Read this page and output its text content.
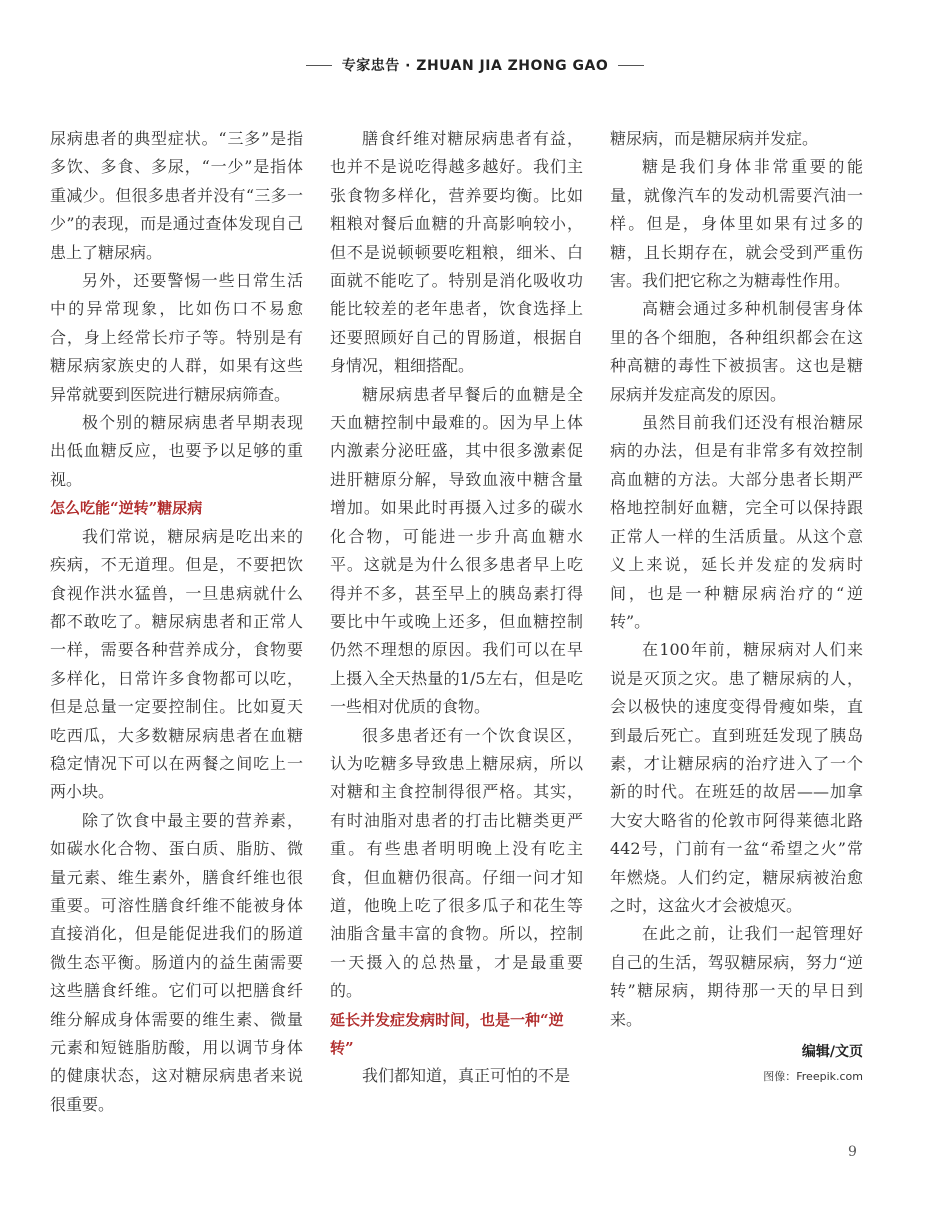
专家忠告 · ZHUAN JIA ZHONG GAO

尿病患者的典型症状。“三多”是指多饮、多食、多尿，“一少”是指体重减少。但很多患者并没有“三多一少”的表现，而是通过查体发现自己患上了糖尿病。

另外，还要警惕一些日常生活中的异常现象，比如伤口不易愈合，身上经常长疖子等。特别是有糖尿病家族史的人群，如果有这些异常就要到医院进行糖尿病筛查。

极个别的糖尿病患者早期表现出低血糖反应，也要予以足够的重视。

怎么吃能“逆转”糖尿病

我们常说，糖尿病是吃出来的疾病，不无道理。但是，不要把饮食视作洪水猛兽，一旦患病就什么都不敢吃了。糖尿病患者和正常人一样，需要各种营养成分，食物要多样化，日常许多食物都可以吃，但是总量一定要控制住。比如夏天吃西瓜，大多数糖尿病患者在血糖稳定情况下可以在两餐之间吃上一两小块。

除了饮食中最主要的营养素，如碳水化合物、蛋白质、脂肪、微量元素、维生素外，膳食纤维也很重要。可溶性膳食纤维不能被身体直接消化，但是能促进我们的肠道微生态平衡。肠道内的益生菌需要这些膳食纤维。它们可以把膳食纤维分解成身体需要的维生素、微量元素和短链脂肪酸，用以调节身体的健康状态，这对糖尿病患者来说很重要。

膳食纤维对糖尿病患者有益，也并不是说吃得越多越好。我们主张食物多样化，营养要均衡。比如粗粮对餐后血糖的升高影响较小，但不是说顿顿要吃粗粮，细米、白面就不能吃了。特别是消化吸收功能比较差的老年患者，饮食选择上还要照顾好自己的胃肠道，根据自身情况，粗细搭配。

糖尿病患者早餐后的血糖是全天血糖控制中最难的。因为早上体内激素分泌旺盛，其中很多激素促进肝糖原分解，导致血液中糖含量增加。如果此时再摄入过多的碳水化合物，可能进一步升高血糖水平。这就是为什么很多患者早上吃得并不多，甚至早上的胰岛素打得要比中午或晚上还多，但血糖控制仍然不理想的原因。我们可以在早上摄入全天热量的1/5左右，但是吃一些相对优质的食物。

很多患者还有一个饮食误区，认为吃糖多导致患上糖尿病，所以对糖和主食控制得很严格。其实，有时油脂对患者的打击比糖类更严重。有些患者明明晚上没有吃主食，但血糖仍很高。仔细一问才知道，他晚上吃了很多瓜子和花生等油脂含量丰富的食物。所以，控制一天摄入的总热量，才是最重要的。

延长并发症发病时间，也是一种“逆转”

我们都知道，真正可怕的不是

糖尿病，而是糖尿病并发症。

糖是我们身体非常重要的能量，就像汽车的发动机需要汽油一样。但是，身体里如果有过多的糖，且长期存在，就会受到严重伤害。我们把它称之为糖毒性作用。

高糖会通过多种机制侵害身体里的各个细胞，各种组织都会在这种高糖的毒性下被损害。这也是糖尿病并发症高发的原因。

虽然目前我们还没有根治糖尿病的办法，但是有非常多有效控制高血糖的方法。大部分患者长期严格地控制好血糖，完全可以保持跟正常人一样的生活质量。从这个意义上来说，延长并发症的发病时间，也是一种糖尿病治疗的“逆转”。

在100年前，糖尿病对人们来说是灭顶之灾。患了糖尿病的人，会以极快的速度变得骨瘦如柴，直到最后死亡。直到班廷发现了胰岛素，才让糖尿病的治疗进入了一个新的时代。在班廷的故居——加拿大安大略省的伦敦市阿得莱德北路442号，门前有一盆“希望之火”常年燃烧。人们约定，糖尿病被治愈之时，这盆火才会被熄灭。

在此之前，让我们一起管理好自己的生活，驾驭糖尿病，努力“逆转”糖尿病，期待那一天的早日到来。

编辑/文页
图像：Freepik.com
9
